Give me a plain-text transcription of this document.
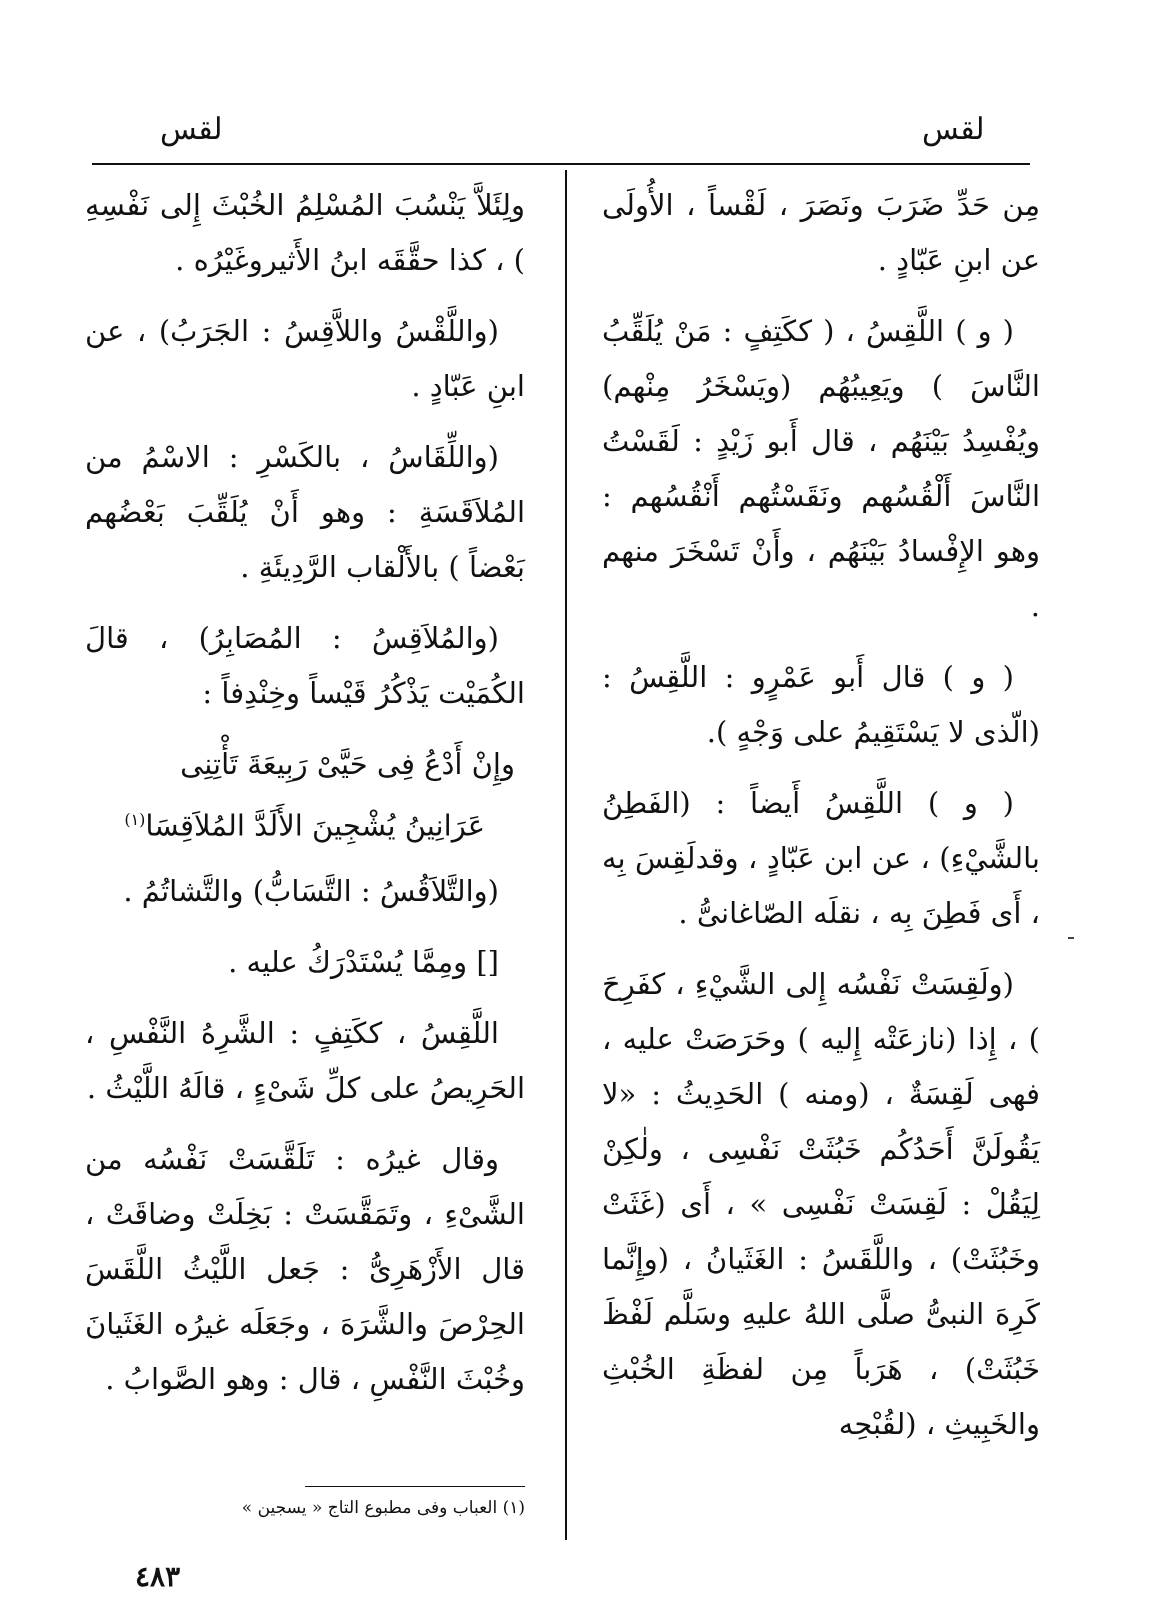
لقس
لقس

مِن حَدِّ ضَرَبَ ونَصَرَ ، لَقْساً ، الأُولَى عن ابنِ عَبّادٍ .

( و ) اللَّقِسُ ، ( ككَتِفٍ : مَنْ يُلَقِّبُ النَّاسَ ) ويَعِيبُهُم (ويَسْخَرُ مِنْهم) ويُفْسِدُ بَيْنَهُم ، قال أَبو زَيْدٍ : لَقَسْتُ النَّاسَ أَلْقُسُهم ونَقَسْتُهم أَنْقُسُهم : وهو الإِفْسادُ بَيْنَهُم ، وأَنْ تَسْخَرَ منهم .

( و ) قال أَبو عَمْرٍو : اللَّقِسُ : (الّذى لا يَسْتَقِيمُ على وَجْهٍ ).

( و ) اللَّقِسُ أَيضاً : (الفَطِنُ بالشَّيْءِ) ، عن ابن عَبّادٍ ، وقدلَقِسَ بِه ، أَى فَطِنَ بِه ، نقلَه الصّاغانىُّ .

(ولَقِسَتْ نَفْسُه إِلى الشَّيْءِ ، كفَرِحَ ) ، إِذا (نازعَتْه إِليه ) وحَرَصَتْ عليه ، فهى لَقِسَةٌ ، (ومنه ) الحَدِيثُ : «لا يَقُولَنَّ أَحَدُكُم خَبُثَتْ نَفْسِى ، ولٰكِنْ لِيَقُلْ : لَقِسَتْ نَفْسِى » ، أَى (غَثَتْ وخَبُثَتْ) ، واللَّقَسُ : الغَثَيانُ ، (وإِنَّما كَرِهَ النبىُّ صلَّى اللهُ عليهِ وسَلَّم لَفْظَ خَبُثَتْ) ، هَرَباً مِن لفظَةِ الخُبْثِ والخَبِيثِ ، (لقُبْحِه

ولِئَلاَّ يَنْسُبَ المُسْلِمُ الخُبْثَ إِلى نَفْسِهِ ) ، كذا حقَّقَه ابنُ الأَثيروغَيْرُه .

(واللَّقْسُ واللاَّقِسُ : الجَرَبُ) ، عن ابنِ عَبّادٍ .

(واللِّقَاسُ ، بالكَسْرِ : الاسْمُ من المُلاَقَسَةِ : وهو أَنْ يُلَقِّبَ بَعْضُهم بَعْضاً ) بالأَلْقاب الرَّدِيئَةِ .

(والمُلاَقِسُ : المُصَابِرُ) ، قالَ الكُمَيْت يَذْكُرُ قَيْساً وخِنْدِفاً :

وإِنْ أَدْعُ فِى حَيَّىْ رَبِيعَةَ تَأْتِنِى
عَرَانِينُ يُشْجِينَ الأَلَدَّ المُلاَقِسَا$^{(١)}$

(والتَّلاَقُسُ : التَّسَابُّ) والتَّشاتُمُ .

[] ومِمَّا يُسْتَدْرَكُ عليه .

اللَّقِسُ ، ككَتِفٍ : الشَّرِهُ النَّفْسِ ، الحَرِيصُ على كلِّ شَىْءٍ ، قالَهُ اللَّيْثُ .

وقال غيرُه : تَلَقَّسَتْ نَفْسُه من الشَّىْءِ ، وتَمَقَّسَتْ : بَخِلَتْ وضاقَتْ ، قال الأَزْهَرِىُّ : جَعل اللَّيْثُ اللَّقَسَ الحِرْصَ والشَّرَهَ ، وجَعَلَه غيرُه الغَثَيانَ وخُبْثَ النَّفْسِ ، قال : وهو الصَّوابُ .

(١) العباب وفى مطبوع التاج « يسجين »
٤٨٣
